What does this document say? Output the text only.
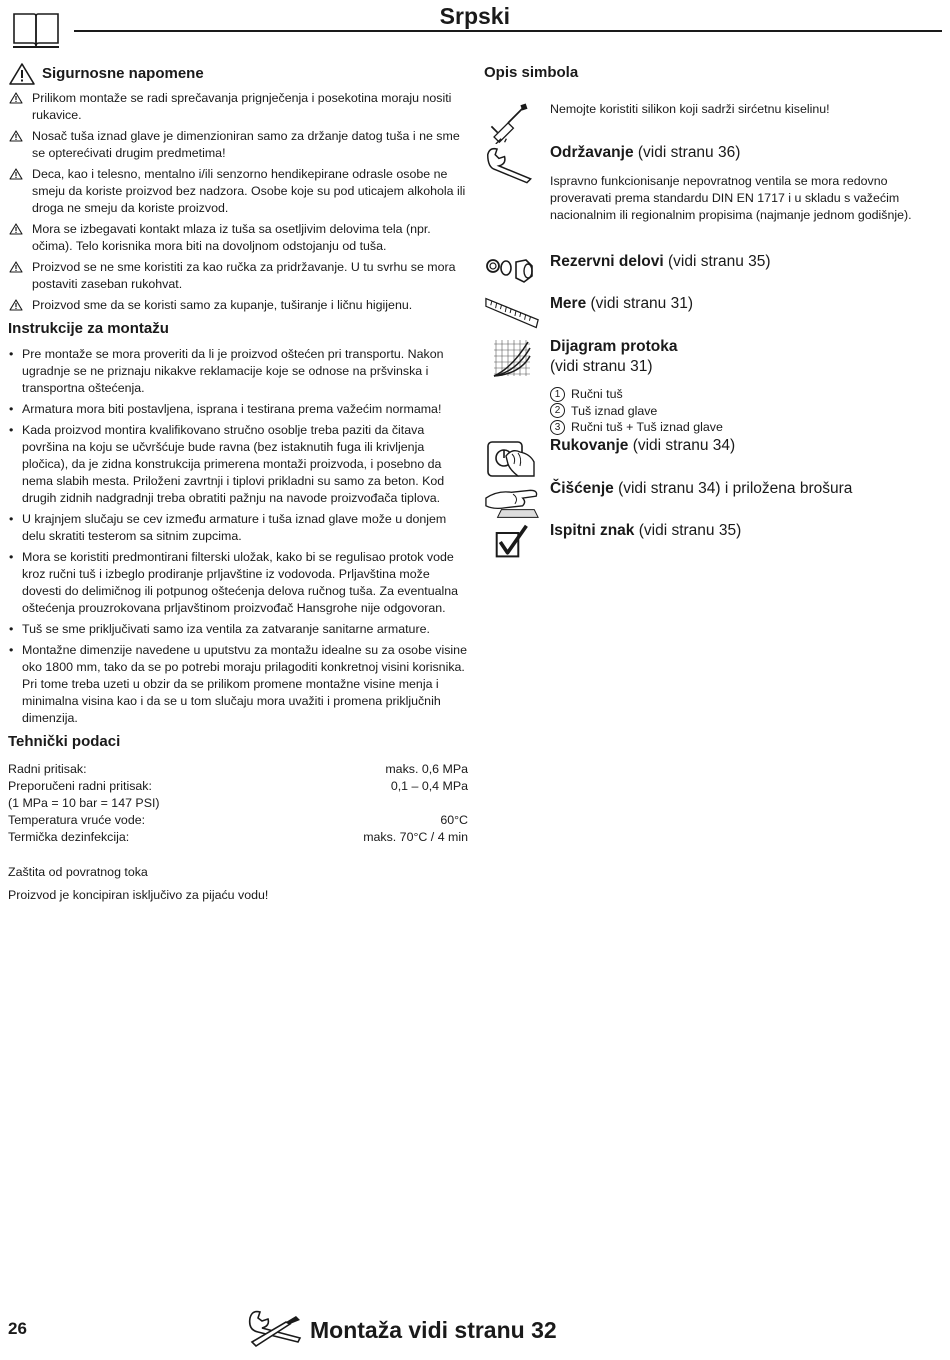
Srpski
Sigurnosne napomene
Prilikom montaže se radi sprečavanja prignječenja i posekotina moraju nositi rukavice.
Nosač tuša iznad glave je dimenzioniran samo za držanje datog tuša i ne sme se opterećivati drugim predmetima!
Deca, kao i telesno, mentalno i/ili senzorno hendikepirane odrasle osobe ne smeju da koriste proizvod bez nadzora. Osobe koje su pod uticajem alkohola ili droga ne smeju da koriste proizvod.
Mora se izbegavati kontakt mlaza iz tuša sa osetljivim delovima tela (npr. očima). Telo korisnika mora biti na dovoljnom odstojanju od tuša.
Proizvod se ne sme koristiti za kao ručka za pridržavanje. U tu svrhu se mora postaviti zaseban rukohvat.
Proizvod sme da se koristi samo za kupanje, tuširanje i ličnu higijenu.
Instrukcije za montažu
• Pre montaže se mora proveriti da li je proizvod oštećen pri transportu. Nakon ugradnje se ne priznaju nikakve reklamacije koje se odnose na pršvinska i transportna oštećenja.
• Armatura mora biti postavljena, isprana i testirana prema važećim normama!
• Kada proizvod montira kvalifikovano stručno osoblje treba paziti da čitava površina na koju se učvršćuje bude ravna (bez istaknutih fuga ili krivljenja pločica), da je zidna konstrukcija primerena montaži proizvoda, i posebno da nema slabih mesta. Priloženi zavrtnji i tiplovi prikladni su samo za beton. Kod drugih zidnih nadgradnji treba obratiti pažnju na navode proizvođača tiplova.
• U krajnjem slučaju se cev između armature i tuša iznad glave može u donjem delu skratiti testerom sa sitnim zupcima.
• Mora se koristiti predmontirani filterski uložak, kako bi se regulisao protok vode kroz ručni tuš i izbeglo prodiranje prljavštine iz vodovoda. Prljavština može dovesti do delimičnog ili potpunog oštećenja delova ručnog tuša. Za eventualna oštećenja prouzrokovana prljavštinom proizvođač Hansgrohe nije odgovoran.
• Tuš se sme priključivati samo iza ventila za zatvaranje sanitarne armature.
• Montažne dimenzije navedene u uputstvu za montažu idealne su za osobe visine oko 1800 mm, tako da se po potrebi moraju prilagoditi konkretnoj visini korisnika. Pri tome treba uzeti u obzir da se prilikom promene montažne visine menja i minimalna visina kao i da se u tom slučaju mora uvažiti i promena priključnih dimenzija.
Tehnički podaci
Radni pritisak:	maks. 0,6 MPa
Preporučeni radni pritisak:	0,1 – 0,4 MPa
(1 MPa = 10 bar = 147 PSI)
Temperatura vruće vode:	60°C
Termička dezinfekcija:	maks. 70°C / 4 min

Zaštita od povratnog toka

Proizvod je koncipiran isključivo za pijaću vodu!

Opis simbola
Nemojte koristiti silikon koji sadrži sirćetnu kiselinu!
Održavanje (vidi stranu 36)
Ispravno funkcionisanje nepovratnog ventila se mora redovno proveravati prema standardu DIN EN 1717 i u skladu s važećim nacionalnim ili regionalnim propisima (najmanje jednom godišnje).
Rezervni delovi (vidi stranu 35)
Mere (vidi stranu 31)
Dijagram protoka
(vidi stranu 31)
1 Ručni tuš
2 Tuš iznad glave
3 Ručni tuš + Tuš iznad glave
Rukovanje (vidi stranu 34)
Čišćenje (vidi stranu 34) i priložena brošura
Ispitni znak (vidi stranu 35)
26	Montaža vidi stranu 32
